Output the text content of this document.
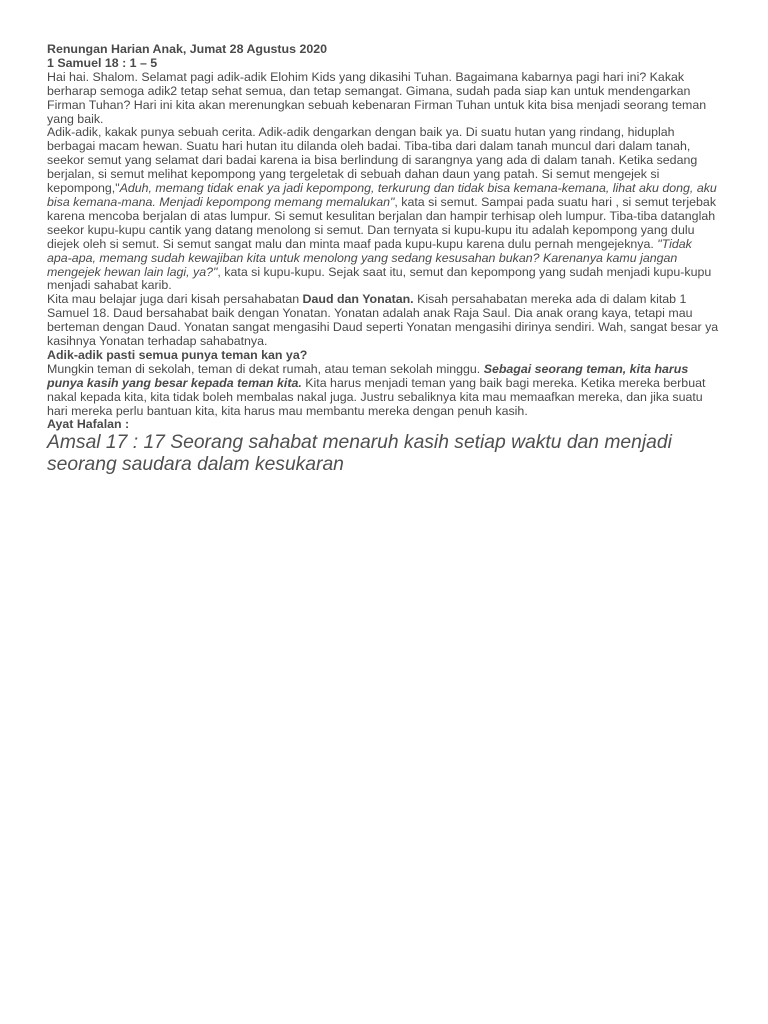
Renungan Harian Anak, Jumat 28 Agustus 2020

1 Samuel 18 : 1 – 5

Hai hai. Shalom. Selamat pagi adik-adik Elohim Kids yang dikasihi Tuhan. Bagaimana kabarnya pagi hari ini? Kakak berharap semoga adik2 tetap sehat semua, dan tetap semangat. Gimana, sudah pada siap kan untuk mendengarkan Firman Tuhan? Hari ini kita akan merenungkan sebuah kebenaran Firman Tuhan untuk kita bisa menjadi seorang teman yang baik.

Adik-adik, kakak punya sebuah cerita. Adik-adik dengarkan dengan baik ya. Di suatu hutan yang rindang, hiduplah berbagai macam hewan. Suatu hari hutan itu dilanda oleh badai. Tiba-tiba dari dalam tanah muncul dari dalam tanah, seekor semut yang selamat dari badai karena ia bisa berlindung di sarangnya yang ada di dalam tanah. Ketika sedang berjalan, si semut melihat kepompong yang tergeletak di sebuah dahan daun yang patah. Si semut mengejek si kepompong,"Aduh, memang tidak enak ya jadi kepompong, terkurung dan tidak bisa kemana-kemana, lihat aku dong, aku bisa kemana-mana. Menjadi kepompong memang memalukan", kata si semut. Sampai pada suatu hari , si semut terjebak karena mencoba berjalan di atas lumpur. Si semut kesulitan berjalan dan hampir terhisap oleh lumpur. Tiba-tiba datanglah seekor kupu-kupu cantik yang datang menolong si semut. Dan ternyata si kupu-kupu itu adalah kepompong yang dulu diejek oleh si semut. Si semut sangat malu dan minta maaf pada kupu-kupu karena dulu pernah mengejeknya. "Tidak apa-apa, memang sudah kewajiban kita untuk menolong yang sedang kesusahan bukan? Karenanya kamu jangan mengejek hewan lain lagi, ya?", kata si kupu-kupu. Sejak saat itu, semut dan kepompong yang sudah menjadi kupu-kupu menjadi sahabat karib.

Kita mau belajar juga dari kisah persahabatan Daud dan Yonatan. Kisah persahabatan mereka ada di dalam kitab 1 Samuel 18. Daud bersahabat baik dengan Yonatan. Yonatan adalah anak Raja Saul. Dia anak orang kaya, tetapi mau berteman dengan Daud. Yonatan sangat mengasihi Daud seperti Yonatan mengasihi dirinya sendiri. Wah, sangat besar ya kasihnya Yonatan terhadap sahabatnya.

Adik-adik pasti semua punya teman kan ya?

Mungkin teman di sekolah, teman di dekat rumah, atau teman sekolah minggu. Sebagai seorang teman, kita harus punya kasih yang besar kepada teman kita. Kita harus menjadi teman yang baik bagi mereka. Ketika mereka berbuat nakal kepada kita, kita tidak boleh membalas nakal juga. Justru sebaliknya kita mau memaafkan mereka, dan jika suatu hari mereka perlu bantuan kita, kita harus mau membantu mereka dengan penuh kasih.

Ayat Hafalan :

Amsal 17 : 17 Seorang sahabat menaruh kasih setiap waktu dan menjadi seorang saudara dalam kesukaran
